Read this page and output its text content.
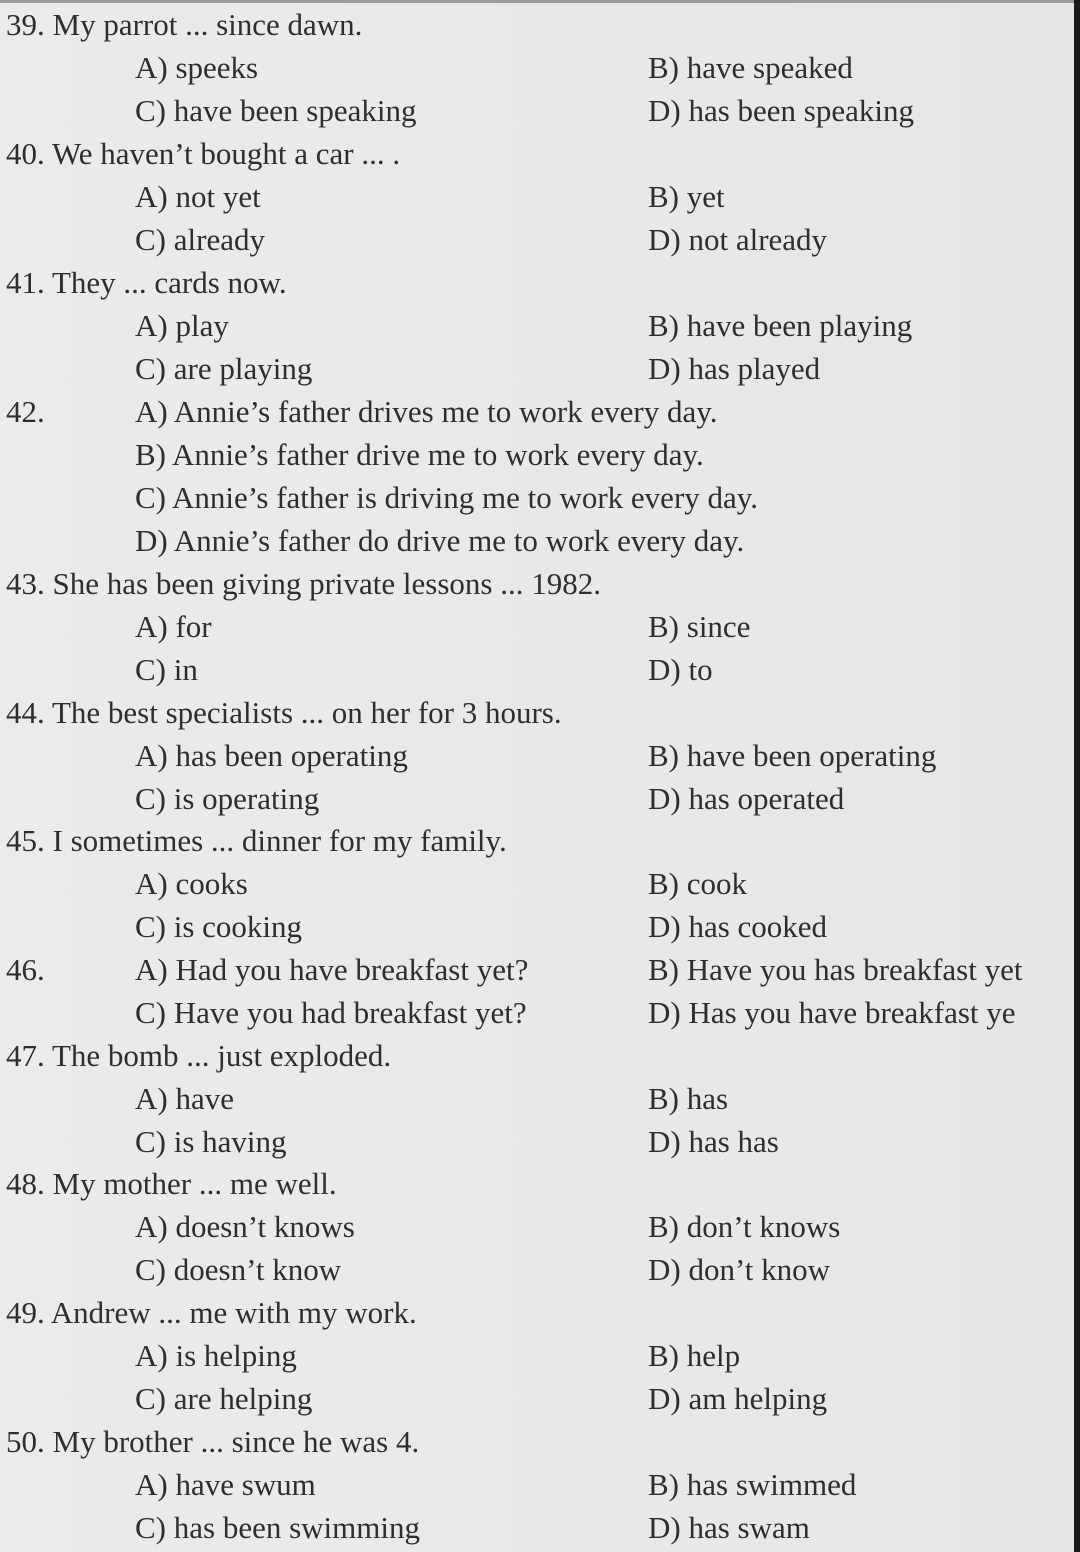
39. My parrot ... since dawn.
A) speeks	B) have speaked
C) have been speaking	D) has been speaking
40. We haven’t bought a car ... .
A) not yet	B) yet
C) already	D) not already
41. They ... cards now.
A) play	B) have been playing
C) are playing	D) has played
42.	A) Annie’s father drives me to work every day.
B) Annie’s father drive me to work every day.
C) Annie’s father is driving me to work every day.
D) Annie’s father do drive me to work every day.
43. She has been giving private lessons ... 1982.
A) for	B) since
C) in	D) to
44. The best specialists ... on her for 3 hours.
A) has been operating	B) have been operating
C) is operating	D) has operated
45. I sometimes ... dinner for my family.
A) cooks	B) cook
C) is cooking	D) has cooked
46.	A) Had you have breakfast yet?	B) Have you has breakfast yet
C) Have you had breakfast yet?	D) Has you have breakfast ye
47. The bomb ... just exploded.
A) have	B) has
C) is having	D) has has
48. My mother ... me well.
A) doesn’t knows	B) don’t knows
C) doesn’t know	D) don’t know
49. Andrew ... me with my work.
A) is helping	B) help
C) are helping	D) am helping
50. My brother ... since he was 4.
A) have swum	B) has swimmed
C) has been swimming	D) has swam
